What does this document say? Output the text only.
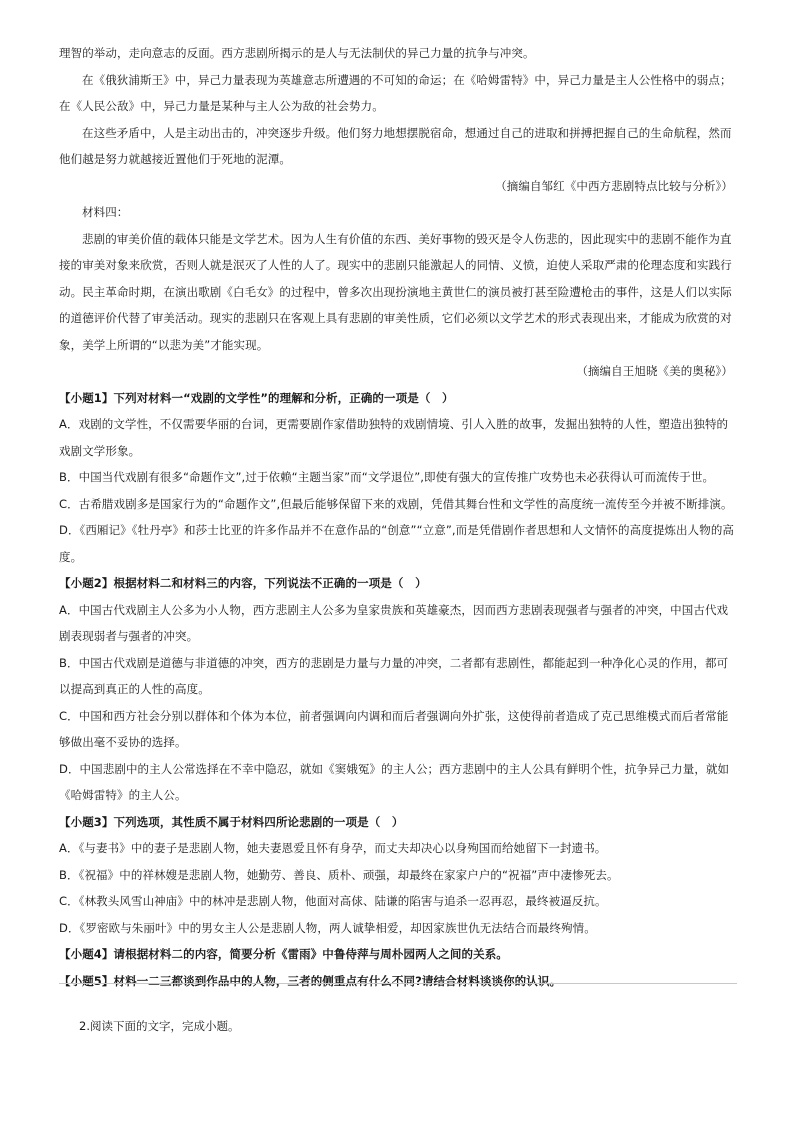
理智的举动，走向意志的反面。西方悲剧所揭示的是人与无法制伏的异己力量的抗争与冲突。

在《俄狄浦斯王》中，异己力量表现为英雄意志所遭遇的不可知的命运；在《哈姆雷特》中，异己力量是主人公性格中的弱点；在《人民公敌》中，异己力量是某种与主人公为敌的社会势力。

在这些矛盾中，人是主动出击的，冲突逐步升级。他们努力地想摆脱宿命，想通过自己的进取和拼搏把握自己的生命航程，然而他们越是努力就越接近置他们于死地的泥潭。

（摘编自邹红《中西方悲剧特点比较与分析》）

材料四：

悲剧的审美价值的载体只能是文学艺术。因为人生有价值的东西、美好事物的毁灭是令人伤悲的，因此现实中的悲剧不能作为直接的审美对象来欣赏，否则人就是泯灭了人性的人了。现实中的悲剧只能激起人的同情、义愤，迫使人采取严肃的伦理态度和实践行动。民主革命时期，在演出歌剧《白毛女》的过程中，曾多次出现扮演地主黄世仁的演员被打甚至险遭枪击的事件，这是人们以实际的道德评价代替了审美活动。现实的悲剧只在客观上具有悲剧的审美性质，它们必须以文学艺术的形式表现出来，才能成为欣赏的对象，美学上所谓的“以悲为美”才能实现。

（摘编自王旭晓《美的奥秘》）

【小题1】下列对材料一“戏剧的文学性”的理解和分析，正确的一项是（　）

A．戏剧的文学性，不仅需要华丽的台词，更需要剧作家借助独特的戏剧情境、引人入胜的故事，发掘出独特的人性，塑造出独特的戏剧文学形象。

B．中国当代戏剧有很多“命题作文”,过于依赖“主题当家”而“文学退位”,即使有强大的宣传推广攻势也未必获得认可而流传于世。

C．古希腊戏剧多是国家行为的“命题作文”,但最后能够保留下来的戏剧，凭借其舞台性和文学性的高度统一流传至今并被不断排演。

D．《西厢记》《牡丹亭》和莎士比亚的许多作品并不在意作品的“创意”“立意”,而是凭借剧作者思想和人文情怀的高度提炼出人物的高度。

【小题2】根据材料二和材料三的内容，下列说法不正确的一项是（　）

A．中国古代戏剧主人公多为小人物，西方悲剧主人公多为皇家贵族和英雄豪杰，因而西方悲剧表现强者与强者的冲突，中国古代戏剧表现弱者与强者的冲突。

B．中国古代戏剧是道德与非道德的冲突，西方的悲剧是力量与力量的冲突，二者都有悲剧性，都能起到一种净化心灵的作用，都可以提高到真正的人性的高度。

C．中国和西方社会分别以群体和个体为本位，前者强调向内调和而后者强调向外扩张，这使得前者造成了克己思维模式而后者常能够做出毫不妥协的选择。

D．中国悲剧中的主人公常选择在不幸中隐忍，就如《窦娥冤》的主人公；西方悲剧中的主人公具有鲜明个性，抗争异己力量，就如《哈姆雷特》的主人公。

【小题3】下列选项，其性质不属于材料四所论悲剧的一项是（　）

A．《与妻书》中的妻子是悲剧人物，她夫妻恩爱且怀有身孕，而丈夫却决心以身殉国而给她留下一封遗书。

B．《祝福》中的祥林嫂是悲剧人物，她勤劳、善良、质朴、顽强，却最终在家家户户的“祝福”声中凄惨死去。

C．《林教头风雪山神庙》中的林冲是悲剧人物，他面对高俅、陆谦的陷害与追杀一忍再忍，最终被逼反抗。

D．《罗密欧与朱丽叶》中的男女主人公是悲剧人物，两人诚挚相爱，却因家族世仇无法结合而最终殉情。

【小题4】请根据材料二的内容，简要分析《雷雨》中鲁侍萍与周朴园两人之间的关系。

【小题5】材料一二三都谈到作品中的人物，三者的侧重点有什么不同?请结合材料谈谈你的认识。

2.阅读下面的文字，完成小题。
